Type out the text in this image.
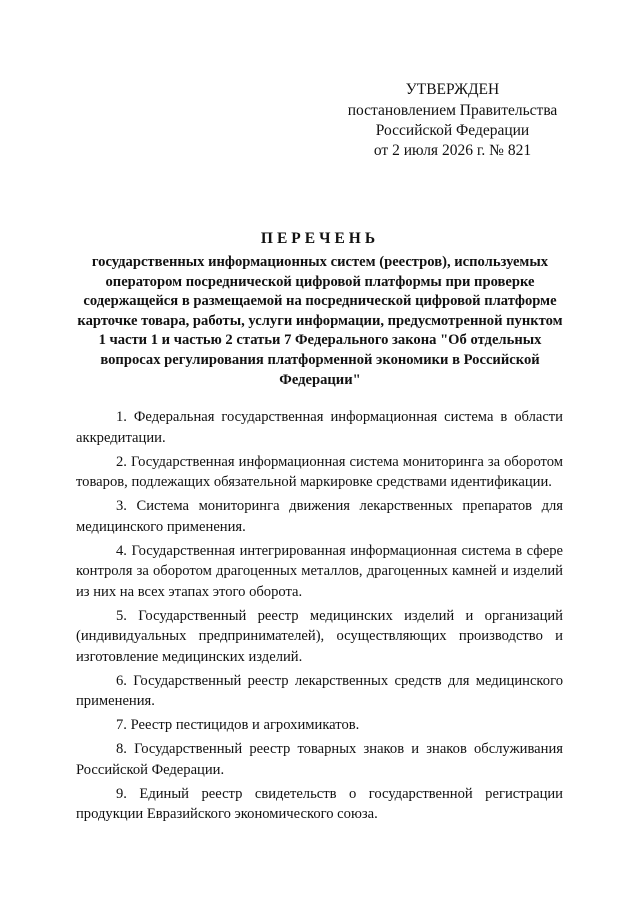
УТВЕРЖДЕН
постановлением Правительства
Российской Федерации
от 2 июля 2026 г. № 821
ПЕРЕЧЕНЬ
государственных информационных систем (реестров), используемых оператором посреднической цифровой платформы при проверке содержащейся в размещаемой на посреднической цифровой платформе карточке товара, работы, услуги информации, предусмотренной пунктом 1 части 1 и частью 2 статьи 7 Федерального закона "Об отдельных вопросах регулирования платформенной экономики в Российской Федерации"

1. Федеральная государственная информационная система в области аккредитации.

2. Государственная информационная система мониторинга за оборотом товаров, подлежащих обязательной маркировке средствами идентификации.

3. Система мониторинга движения лекарственных препаратов для медицинского применения.

4. Государственная интегрированная информационная система в сфере контроля за оборотом драгоценных металлов, драгоценных камней и изделий из них на всех этапах этого оборота.

5. Государственный реестр медицинских изделий и организаций (индивидуальных предпринимателей), осуществляющих производство и изготовление медицинских изделий.

6. Государственный реестр лекарственных средств для медицинского применения.

7. Реестр пестицидов и агрохимикатов.

8. Государственный реестр товарных знаков и знаков обслуживания Российской Федерации.

9. Единый реестр свидетельств о государственной регистрации продукции Евразийского экономического союза.
